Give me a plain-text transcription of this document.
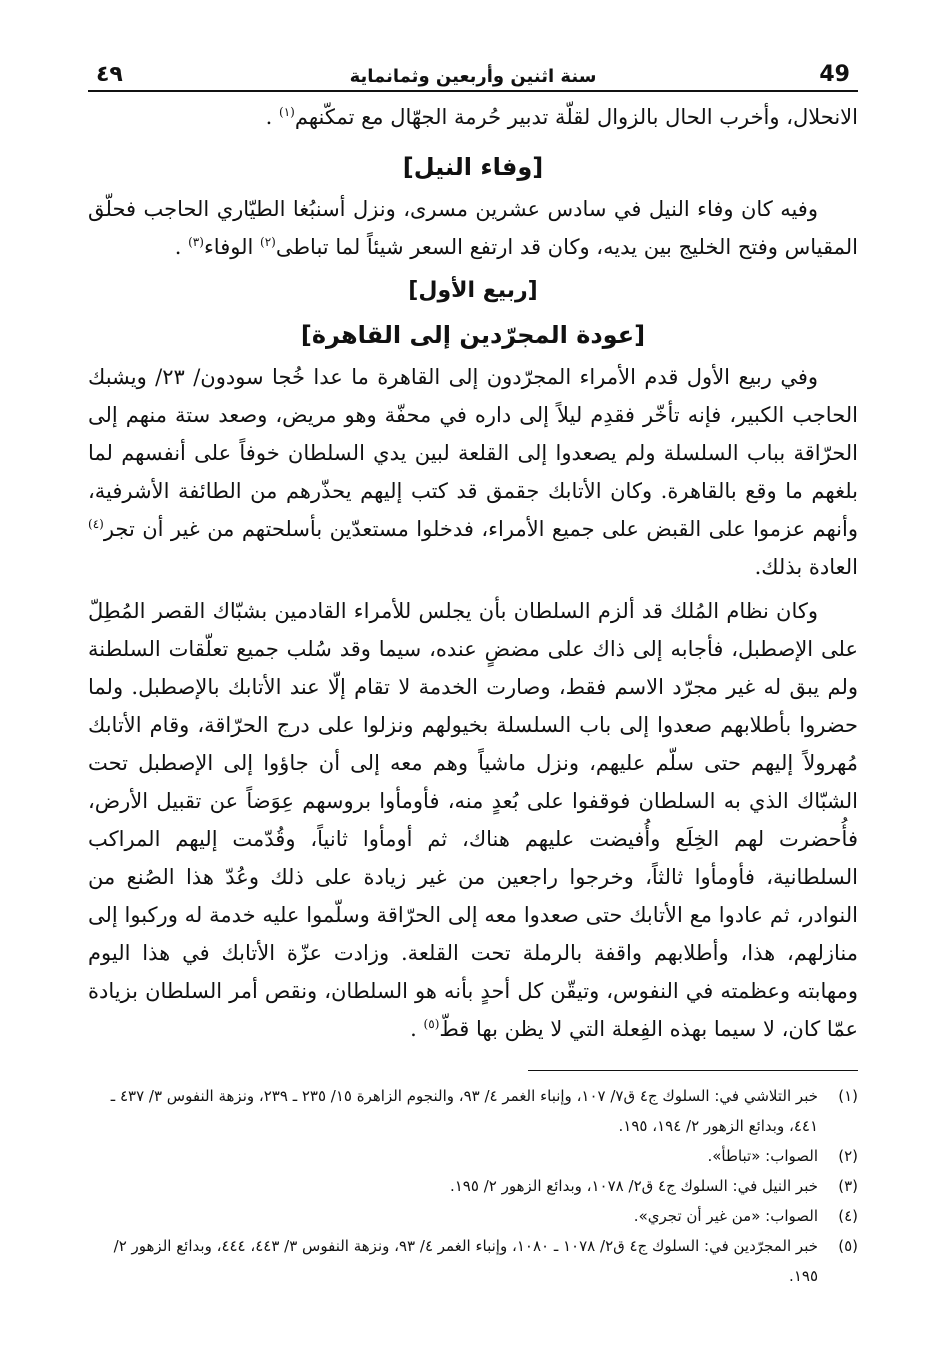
49
سنة اثنين وأربعين وثمانماية
٤٩

الانحلال، وأخرب الحال بالزوال لقلّة تدبير حُرمة الجهّال مع تمكّنهم$^{(١)}$ .

[وفاء النيل]

وفيه كان وفاء النيل في سادس عشرين مسرى، ونزل أسنبُغا الطيّاري الحاجب فحلّق المقياس وفتح الخليج بين يديه، وكان قد ارتفع السعر شيئاً لما تباطى$^{(٢)}$ الوفاء$^{(٣)}$ .

[ربيع الأول]
[عودة المجرّدين إلى القاهرة]

وفي ربيع الأول قدم الأمراء المجرّدون إلى القاهرة ما عدا خُجا سودون/ ٢٣/ ويشبك الحاجب الكبير، فإنه تأخّر فقدِم ليلاً إلى داره في محفّة وهو مريض، وصعد ستة منهم إلى الحرّاقة بباب السلسلة ولم يصعدوا إلى القلعة لبين يدي السلطان خوفاً على أنفسهم لما بلغهم ما وقع بالقاهرة. وكان الأتابك جقمق قد كتب إليهم يحذّرهم من الطائفة الأشرفية، وأنهم عزموا على القبض على جميع الأمراء، فدخلوا مستعدّين بأسلحتهم من غير أن تجر$^{(٤)}$ العادة بذلك.

وكان نظام المُلك قد ألزم السلطان بأن يجلس للأمراء القادمين بشبّاك القصر المُطِلّ على الإصطبل، فأجابه إلى ذاك على مضضٍ عنده، سيما وقد سُلب جميع تعلّقات السلطنة ولم يبق له غير مجرّد الاسم فقط، وصارت الخدمة لا تقام إلّا عند الأتابك بالإصطبل. ولما حضروا بأطلابهم صعدوا إلى باب السلسلة بخيولهم ونزلوا على درج الحرّاقة، وقام الأتابك مُهرولاً إليهم حتى سلّم عليهم، ونزل ماشياً وهم معه إلى أن جاؤوا إلى الإصطبل تحت الشبّاك الذي به السلطان فوقفوا على بُعدٍ منه، فأومأوا بروسهم عِوَضاً عن تقبيل الأرض، فأُحضرت لهم الخِلَع وأُفيضت عليهم هناك، ثم أومأوا ثانياً، وقُدّمت إليهم المراكب السلطانية، فأومأوا ثالثاً، وخرجوا راجعين من غير زيادة على ذلك وعُدّ هذا الصُنع من النوادر، ثم عادوا مع الأتابك حتى صعدوا معه إلى الحرّاقة وسلّموا عليه خدمة له وركبوا إلى منازلهم، هذا، وأطلابهم واقفة بالرملة تحت القلعة. وزادت عزّة الأتابك في هذا اليوم ومهابته وعظمته في النفوس، وتيقّن كل أحدٍ بأنه هو السلطان، ونقص أمر السلطان بزيادة عمّا كان، لا سيما بهذه الفِعلة التي لا يظن بها قطّ$^{(٥)}$ .

(١)
خبر التلاشي في: السلوك ج٤ ق٧/ ١٠٧، وإنباء الغمر ٤/ ٩٣، والنجوم الزاهرة ١٥/ ٢٣٥ ـ ٢٣٩، ونزهة النفوس ٣/ ٤٣٧ ـ ٤٤١، وبدائع الزهور ٢/ ١٩٤، ١٩٥.
(٢)
الصواب: «تباطأ».
(٣)
خبر النيل في: السلوك ج٤ ق٢/ ١٠٧٨، وبدائع الزهور ٢/ ١٩٥.
(٤)
الصواب: «من غير أن تجري».
(٥)
خبر المجرّدين في: السلوك ج٤ ق٢/ ١٠٧٨ ـ ١٠٨٠، وإنباء الغمر ٤/ ٩٣، ونزهة النفوس ٣/ ٤٤٣، ٤٤٤، وبدائع الزهور ٢/ ١٩٥.
